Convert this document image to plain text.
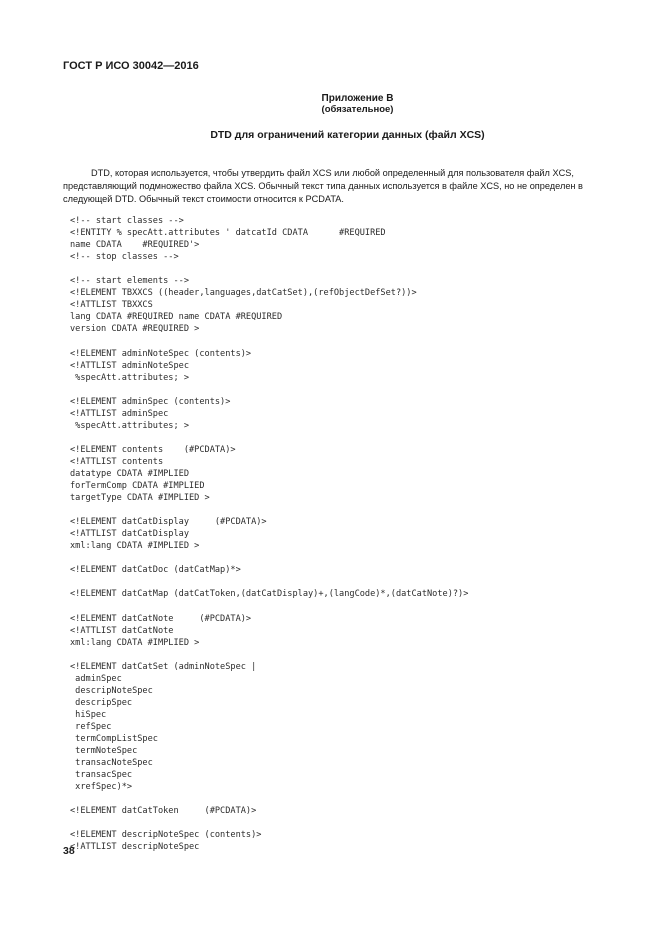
ГОСТ Р ИСО 30042—2016
Приложение В
(обязательное)
DTD для ограничений категории данных (файл XCS)

DTD, которая используется, чтобы утвердить файл XCS или любой определенный для пользователя файл XCS, представляющий подмножество файла XCS. Обычный текст типа данных используется в файле XCS, но не определен в следующей DTD. Обычный текст стоимости относится к PCDATA.

<!-- start classes -->
<!ENTITY % specAtt.attributes ' datcatId CDATA      #REQUIRED
name CDATA    #REQUIRED'>
<!-- stop classes -->
<!-- start elements -->
<!ELEMENT TBXXCS ((header,languages,datCatSet),(refObjectDefSet?))>
<!ATTLIST TBXXCS
lang CDATA #REQUIRED name CDATA #REQUIRED
version CDATA #REQUIRED >
<!ELEMENT adminNoteSpec (contents)>
<!ATTLIST adminNoteSpec
%specAtt.attributes; >
<!ELEMENT adminSpec (contents)>
<!ATTLIST adminSpec
%specAtt.attributes; >
<!ELEMENT contents    (#PCDATA)>
<!ATTLIST contents
datatype CDATA #IMPLIED
forTermComp CDATA #IMPLIED
targetType CDATA #IMPLIED >
<!ELEMENT datCatDisplay     (#PCDATA)>
<!ATTLIST datCatDisplay
xml:lang CDATA #IMPLIED >
<!ELEMENT datCatDoc (datCatMap)*>
<!ELEMENT datCatMap (datCatToken,(datCatDisplay)+,(langCode)*,(datCatNote)?)>
<!ELEMENT datCatNote     (#PCDATA)>
<!ATTLIST datCatNote
xml:lang CDATA #IMPLIED >
<!ELEMENT datCatSet (adminNoteSpec |
adminSpec
descripNoteSpec
descripSpec
hiSpec
refSpec
termCompListSpec
termNoteSpec
transacNoteSpec
transacSpec
xrefSpec)*>
<!ELEMENT datCatToken     (#PCDATA)>
<!ELEMENT descripNoteSpec (contents)>
<!ATTLIST descripNoteSpec
38
